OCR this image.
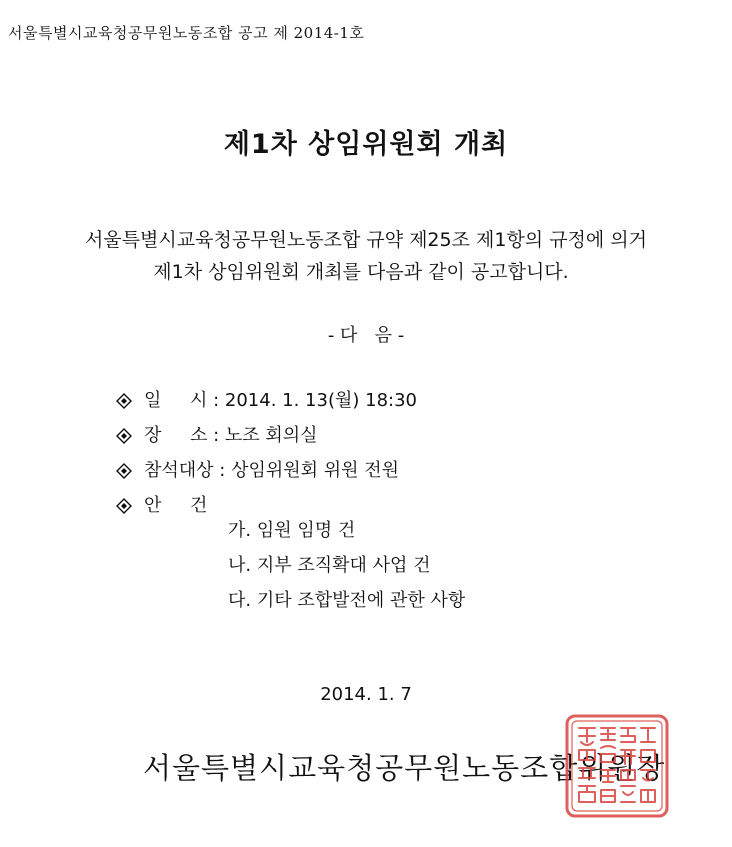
서울특별시교육청공무원노동조합 공고 제 2014-1호
제1차 상임위원회 개최
서울특별시교육청공무원노동조합 규약 제25조 제1항의 규정에 의거
제1차 상임위원회 개최를 다음과 같이 공고합니다.
- 다   음 -
일     시 : 2014. 1. 13(월) 18:30
장     소 : 노조 회의실
참석대상 : 상임위원회 위원 전원
안     건
가. 임원 임명 건
나. 지부 조직확대 사업 건
다. 기타 조합발전에 관한 사항
2014. 1. 7
서울특별시교육청공무원노동조합위원장
